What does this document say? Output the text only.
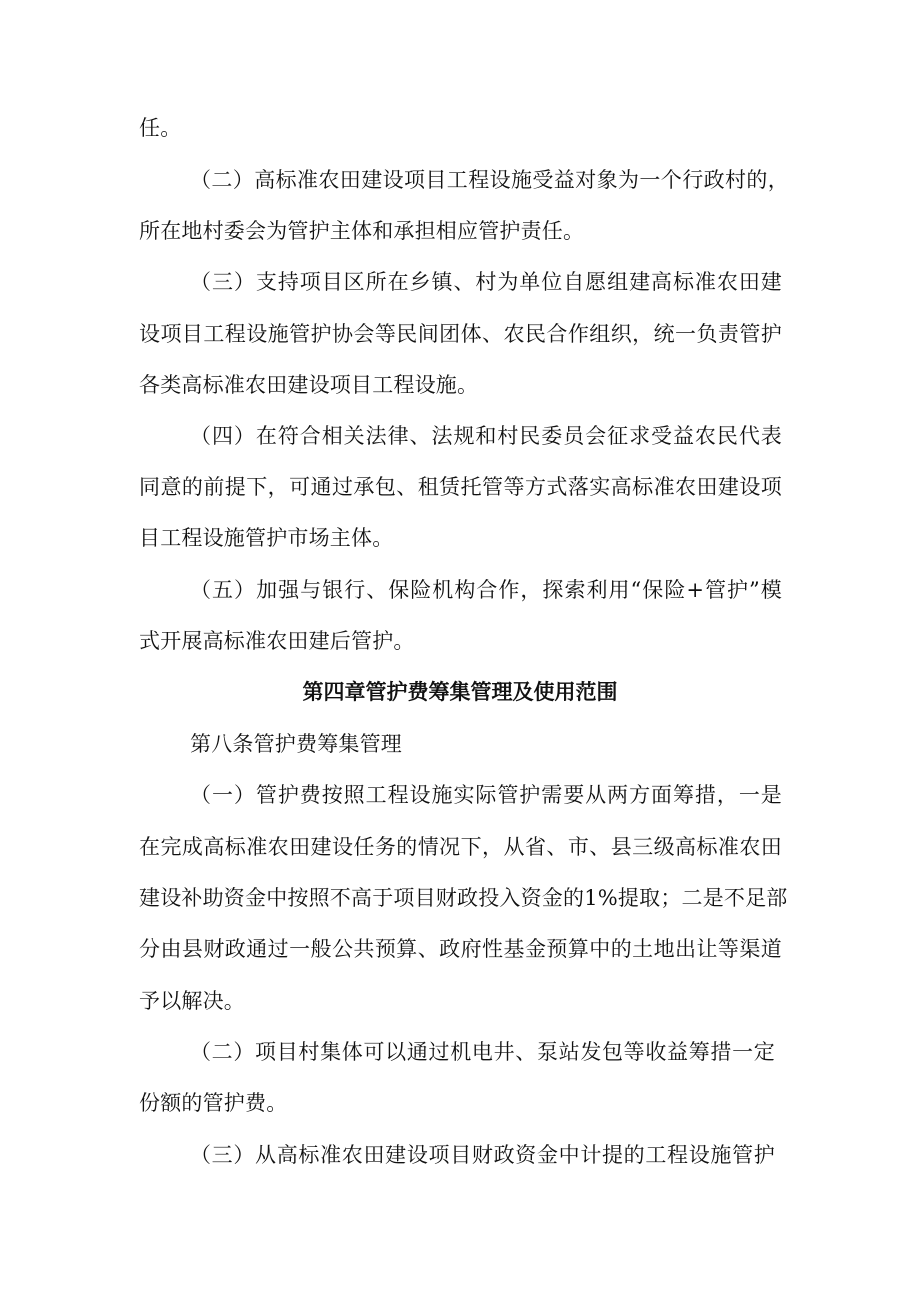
任。
（二）高标准农田建设项目工程设施受益对象为一个行政村的，
所在地村委会为管护主体和承担相应管护责任。
（三）支持项目区所在乡镇、村为单位自愿组建高标准农田建
设项目工程设施管护协会等民间团体、农民合作组织，统一负责管护
各类高标准农田建设项目工程设施。
（四）在符合相关法律、法规和村民委员会征求受益农民代表
同意的前提下，可通过承包、租赁托管等方式落实高标准农田建设项
目工程设施管护市场主体。
（五）加强与银行、保险机构合作，探索利用“保险+管护”模
式开展高标准农田建后管护。
第四章管护费筹集管理及使用范围
第八条管护费筹集管理
（一）管护费按照工程设施实际管护需要从两方面筹措，一是
在完成高标准农田建设任务的情况下，从省、市、县三级高标准农田
建设补助资金中按照不高于项目财政投入资金的1%提取；二是不足部
分由县财政通过一般公共预算、政府性基金预算中的土地出让等渠道
予以解决。
（二）项目村集体可以通过机电井、泵站发包等收益筹措一定
份额的管护费。
（三）从高标准农田建设项目财政资金中计提的工程设施管护
